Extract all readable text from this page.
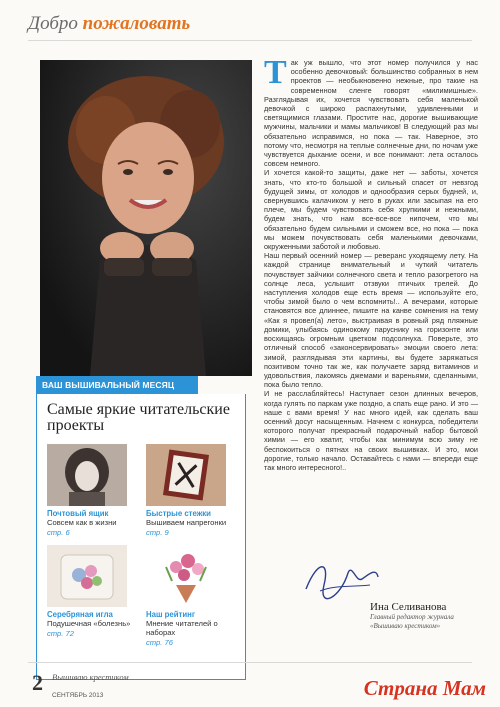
Добро пожаловать
ВАШ ВЫШИВАЛЬНЫЙ МЕСЯЦ
Самые яркие читательские проекты
Почтовый ящик
Совсем как в жизни
стр. 6
Быстрые стежки
Вышиваем напрегонки
стр. 9
Серебряная игла
Подушечная «болезнь»
стр. 72
Наш рейтинг
Мнение читателей о наборах
стр. 76
Т ак уж вышло, что этот номер получился у нас особенно девочковый: большинство собранных в нем проектов — необыкновенно нежные, про такие на современном сленге говорят «милимишные». Разглядывая их, хочется чувствовать себя маленькой девочкой с широко распахнутыми, удивленными и светящимися глазами. Простите нас, дорогие вышивающие мужчины, мальчики и мамы мальчиков! В следующий раз мы обязательно исправимся, но пока — так. Наверное, это потому что, несмотря на теплые солнечные дни, по ночам уже чувствуется дыхание осени, и все понимают: лета осталось совсем немного.

И хочется какой-то защиты, даже нет — заботы, хочется знать, что кто-то большой и сильный спасет от невзгод будущей зимы, от холодов и однообразия серых будней, и, свернувшись калачиком у него в руках или засыпая на его плече, мы будем чувствовать себя хрупкими и нежными, будем знать, что нам все-все-все нипочем, что мы обязательно будем сильными и сможем все, но пока — пока мы можем почувствовать себя маленькими девочками, окруженными заботой и любовью.

Наш первый осенний номер — реверанс уходящему лету. На каждой странице внимательный и чуткий читатель почувствует зайчики солнечного света и тепло разогретого на солнце леса, услышит отзвуки птичьих трелей. До наступления холодов еще есть время — используйте его, чтобы зимой было о чем вспомнить!.. А вечерами, которые становятся все длиннее, пишите на канве сомнения на тему «Как я провел(а) лето», выстраивая в ровный ряд пляжные домики, улыбаясь одинокому паруснику на горизонте или восхищаясь огромным цветком подсолнуха. Поверьте, это отличный способ «законсервировать» эмоции своего лета: зимой, разглядывая эти картины, вы будете заряжаться позитивом точно так же, как получаете заряд витаминов и удовольствия, лакомясь джемами и вареньями, сделанными, пока было тепло.

И не расслабляйтесь! Наступает сезон длинных вечеров, когда гулять по паркам уже поздно, а спать еще рано. И это — наше с вами время! У нас много идей, как сделать ваш осенний досуг насыщенным. Начнем с конкурса, победители которого получат прекрасный подарочный набор бытовой химии — его хватит, чтобы как минимум всю зиму не беспокоиться о пятнах на своих вышивках. И это, мои дорогие, только начало. Оставайтесь с нами — впереди еще так много интересного!..

Ина Селиванова
Главный редактор журнала «Вышиваю крестиком»
2 Вышиваю крестиком
СЕНТЯБРЬ 2013	Страна Мам
